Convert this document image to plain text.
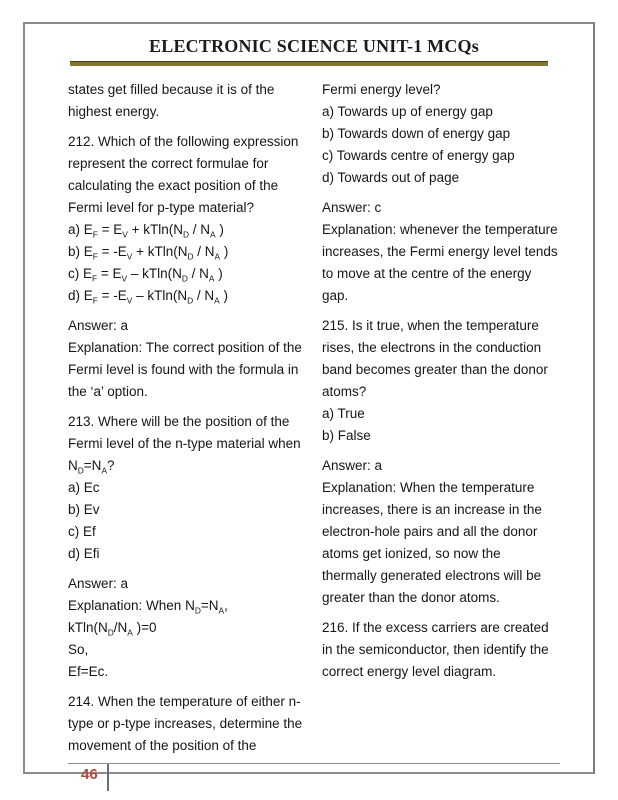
ELECTRONIC SCIENCE UNIT-1 MCQs

states get filled because it is of the highest energy.

212. Which of the following expression represent the correct formulae for calculating the exact position of the Fermi level for p-type material?

a) $E_F = E_V + kTln(N_D / N_A$ )

b) $E_F = -E_V + kTln(N_D / N_A$ )

c) $E_F = E_V - kTln(N_D / N_A$ )

d) $E_F = -E_V - kTln(N_D / N_A$ )

Answer: a

Explanation: The correct position of the Fermi level is found with the formula in the ‘a’ option.

213. Where will be the position of the Fermi level of the n-type material when $N_D=N_A$?

a) Ec

b) Ev

c) Ef

d) Efi

Answer: a

Explanation: When $N_D=N_A$,

$kTln(N_D/N_A$ )=0

So,

Ef=Ec.

214. When the temperature of either n-type or p-type increases, determine the movement of the position of the

Fermi energy level?

a) Towards up of energy gap

b) Towards down of energy gap

c) Towards centre of energy gap

d) Towards out of page

Answer: c

Explanation: whenever the temperature increases, the Fermi energy level tends to move at the centre of the energy gap.

215. Is it true, when the temperature rises, the electrons in the conduction band becomes greater than the donor atoms?

a) True

b) False

Answer: a

Explanation: When the temperature increases, there is an increase in the electron-hole pairs and all the donor atoms get ionized, so now the thermally generated electrons will be greater than the donor atoms.

216. If the excess carriers are created in the semiconductor, then identify the correct energy level diagram.

46
